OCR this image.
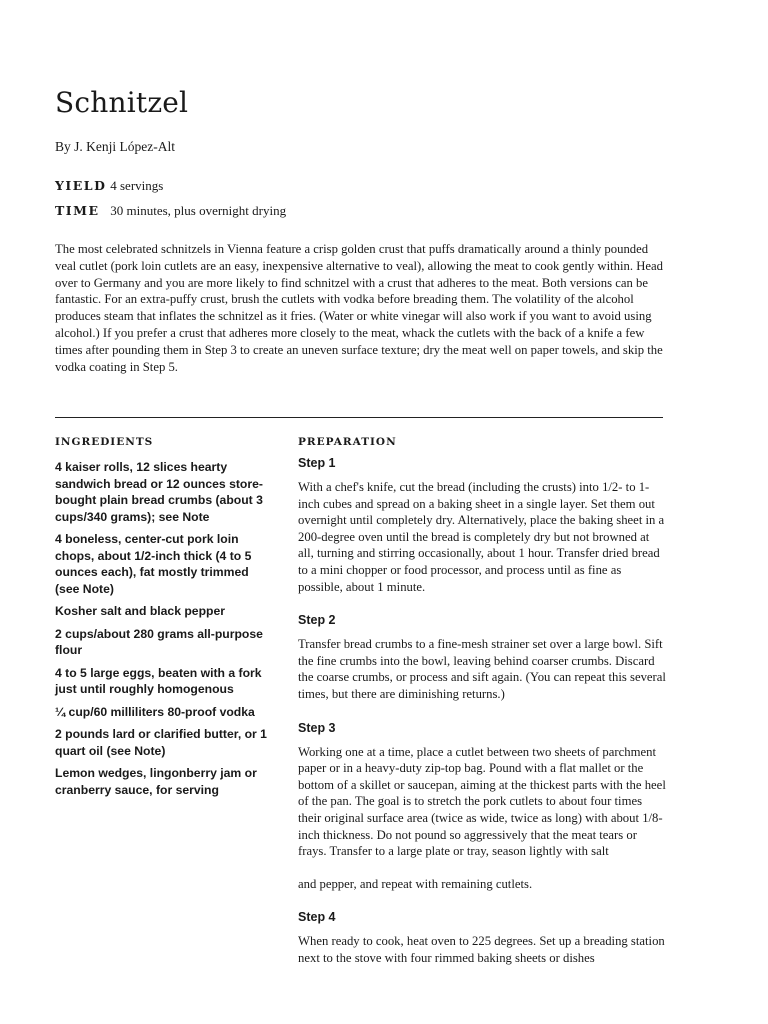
Schnitzel
By J. Kenji López-Alt
YIELD 4 servings
TIME 30 minutes, plus overnight drying

The most celebrated schnitzels in Vienna feature a crisp golden crust that puffs dramatically around a thinly pounded veal cutlet (pork loin cutlets are an easy, inexpensive alternative to veal), allowing the meat to cook gently within. Head over to Germany and you are more likely to find schnitzel with a crust that adheres to the meat. Both versions can be fantastic. For an extra-puffy crust, brush the cutlets with vodka before breading them. The volatility of the alcohol produces steam that inflates the schnitzel as it fries. (Water or white vinegar will also work if you want to avoid using alcohol.) If you prefer a crust that adheres more closely to the meat, whack the cutlets with the back of a knife a few times after pounding them in Step 3 to create an uneven surface texture; dry the meat well on paper towels, and skip the vodka coating in Step 5.

INGREDIENTS	PREPARATION
4 kaiser rolls, 12 slices hearty sandwich bread or 12 ounces store-bought plain bread crumbs (about 3 cups/340 grams); see Note
4 boneless, center-cut pork loin chops, about 1/2-inch thick (4 to 5 ounces each), fat mostly trimmed (see Note)
Kosher salt and black pepper
2 cups/about 280 grams all-purpose flour
4 to 5 large eggs, beaten with a fork just until roughly homogenous
¼ cup/60 milliliters 80-proof vodka
2 pounds lard or clarified butter, or 1 quart oil (see Note)
Lemon wedges, lingonberry jam or cranberry sauce, for serving
Step 1

With a chef's knife, cut the bread (including the crusts) into 1/2- to 1-inch cubes and spread on a baking sheet in a single layer. Set them out overnight until completely dry. Alternatively, place the baking sheet in a 200-degree oven until the bread is completely dry but not browned at all, turning and stirring occasionally, about 1 hour. Transfer dried bread to a mini chopper or food processor, and process until as fine as possible, about 1 minute.

Step 2

Transfer bread crumbs to a fine-mesh strainer set over a large bowl. Sift the fine crumbs into the bowl, leaving behind coarser crumbs. Discard the coarse crumbs, or process and sift again. (You can repeat this several times, but there are diminishing returns.)

Step 3

Working one at a time, place a cutlet between two sheets of parchment paper or in a heavy-duty zip-top bag. Pound with a flat mallet or the bottom of a skillet or saucepan, aiming at the thickest parts with the heel of the pan. The goal is to stretch the pork cutlets to about four times their original surface area (twice as wide, twice as long) with about 1/8-inch thickness. Do not pound so aggressively that the meat tears or frays. Transfer to a large plate or tray, season lightly with salt

and pepper, and repeat with remaining cutlets.

Step 4

When ready to cook, heat oven to 225 degrees. Set up a breading station next to the stove with four rimmed baking sheets or dishes
